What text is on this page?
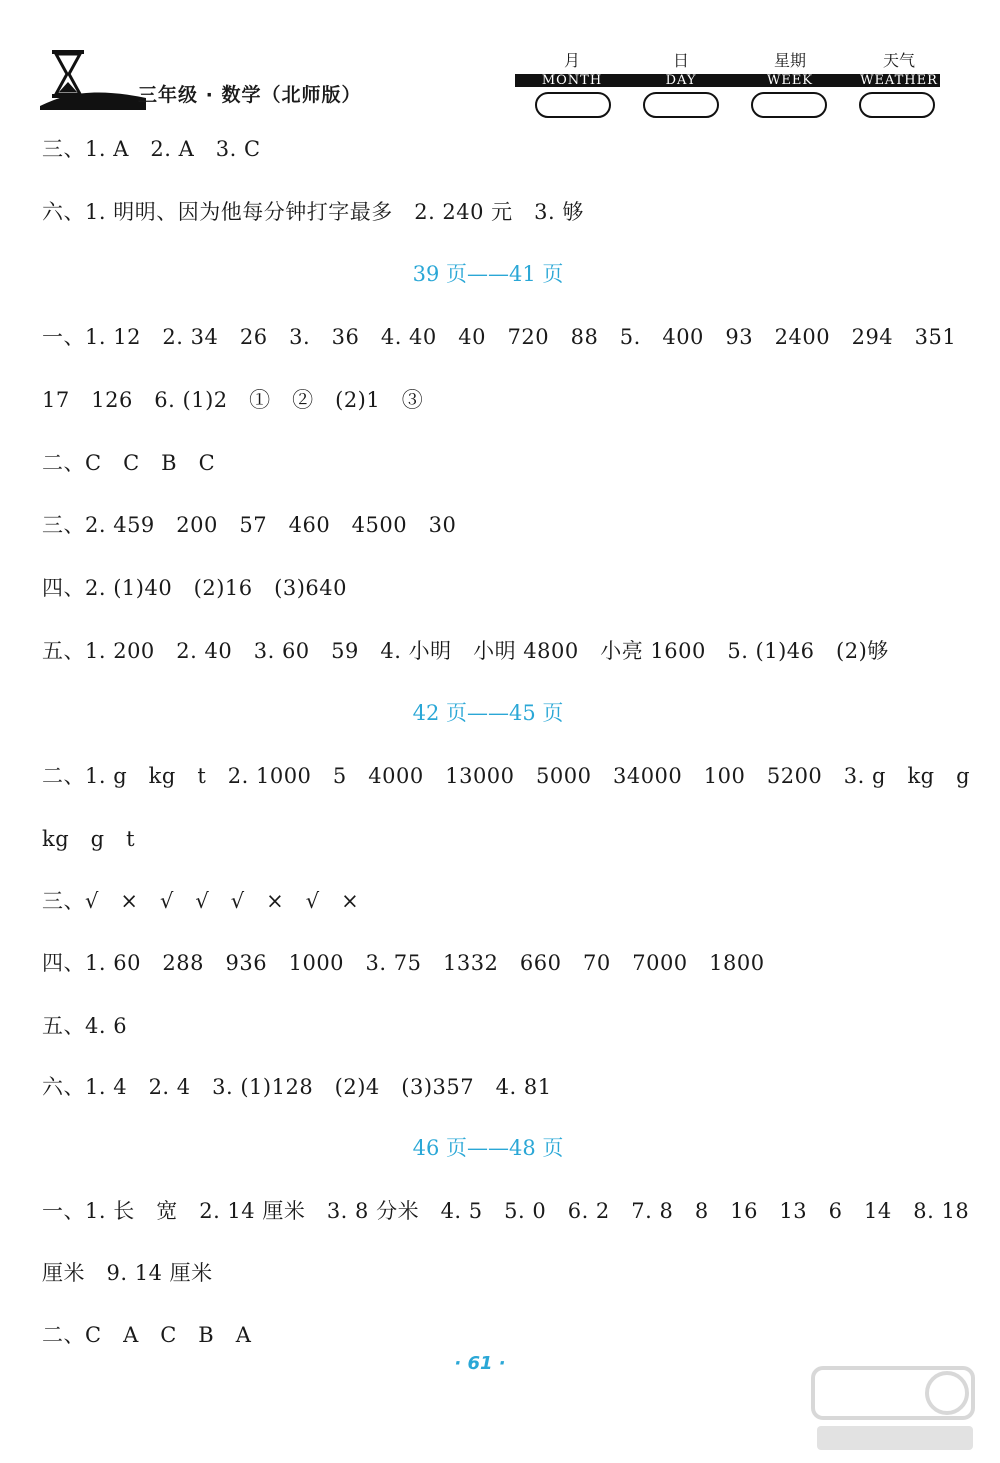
三年级 · 数学（北师版）
月	日	星期	天气
MONTH	DAY	WEEK	WEATHER
三、1. A　2. A　3. C
六、1. 明明、因为他每分钟打字最多　2. 240 元　3. 够
39 页——41 页
一、1. 12　2. 34　26　3.　36　4. 40　40　720　88　5.　400　93　2400　294　351
17　126　6. (1)2　①　②　(2)1　③
二、C　C　B　C
三、2. 459　200　57　460　4500　30
四、2. (1)40　(2)16　(3)640
五、1. 200　2. 40　3. 60　59　4. 小明　小明 4800　小亮 1600　5. (1)46　(2)够
42 页——45 页
二、1. g　kg　t　2. 1000　5　4000　13000　5000　34000　100　5200　3. g　kg　g
kg　g　t
三、√　×　√　√　√　×　√　×
四、1. 60　288　936　1000　3. 75　1332　660　70　7000　1800
五、4. 6
六、1. 4　2. 4　3. (1)128　(2)4　(3)357　4. 81
46 页——48 页
一、1. 长　宽　2. 14 厘米　3. 8 分米　4. 5　5. 0　6. 2　7. 8　8　16　13　6　14　8. 18
厘米　9. 14 厘米
二、C　A　C　B　A
· 61 ·
